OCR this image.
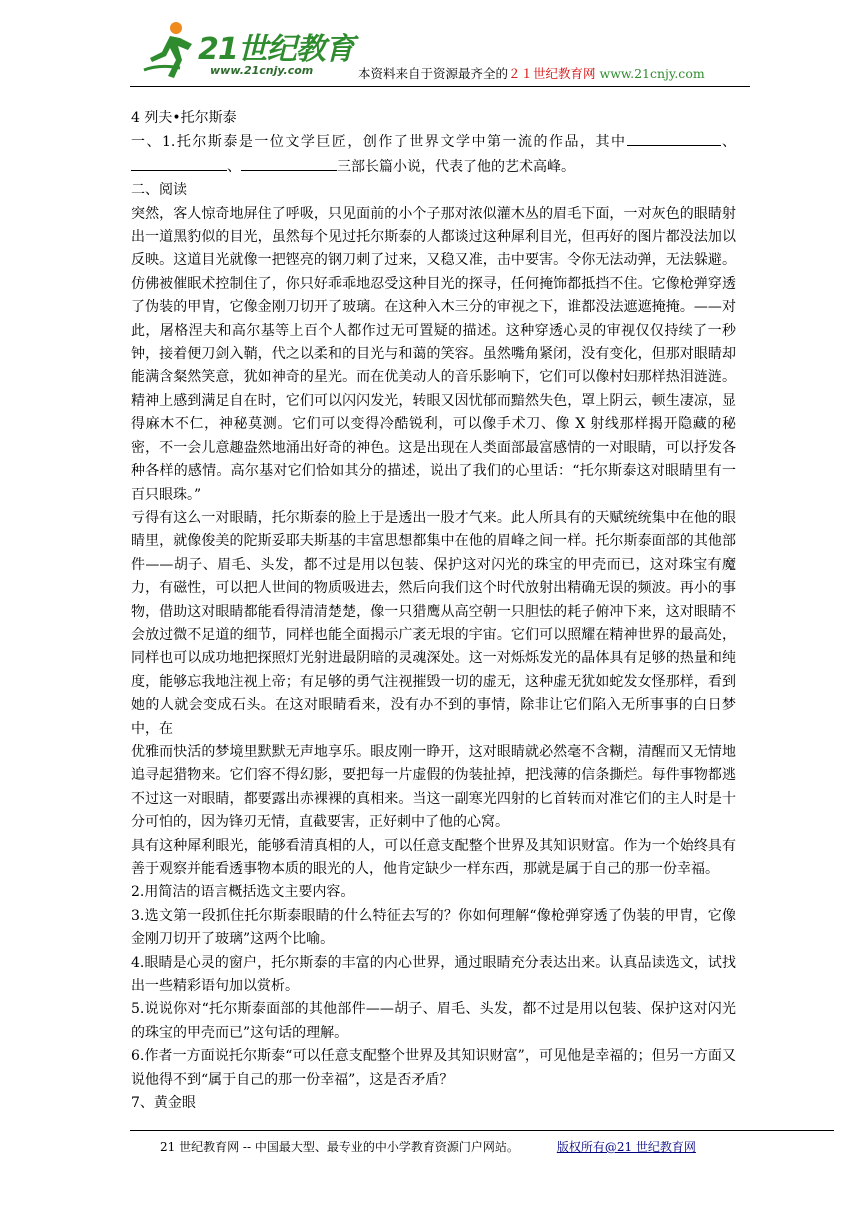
21世纪教育
www.21cnjy.com	本资料来自于资源最齐全的２１世纪教育网 www.21cnjy.com

4 列夫•托尔斯泰

一、1.托尔斯泰是一位文学巨匠，创作了世界文学中第一流的作品，其中	、、	三部长篇小说，代表了他的艺术高峰。

二、阅读

突然，客人惊奇地屏住了呼吸，只见面前的小个子那对浓似灌木丛的眉毛下面，一对灰色的眼睛射出一道黑豹似的目光，虽然每个见过托尔斯泰的人都谈过这种犀利目光，但再好的图片都没法加以反映。这道目光就像一把铿亮的钢刀刺了过来，又稳又准，击中要害。令你无法动弹，无法躲避。仿佛被催眠术控制住了，你只好乖乖地忍受这种目光的探寻，任何掩饰都抵挡不住。它像枪弹穿透了伪装的甲胄，它像金刚刀切开了玻璃。在这种入木三分的审视之下，谁都没法遮遮掩掩。——对此，屠格涅夫和高尔基等上百个人都作过无可置疑的描述。这种穿透心灵的审视仅仅持续了一秒钟，接着便刀剑入鞘，代之以柔和的目光与和蔼的笑容。虽然嘴角紧闭，没有变化，但那对眼睛却能满含粲然笑意，犹如神奇的星光。而在优美动人的音乐影响下，它们可以像村妇那样热泪涟涟。精神上感到满足自在时，它们可以闪闪发光，转眼又因忧郁而黯然失色，罩上阴云，顿生凄凉，显得麻木不仁，神秘莫测。它们可以变得冷酷锐利，可以像手术刀、像 X 射线那样揭开隐藏的秘密，不一会儿意趣盎然地涌出好奇的神色。这是出现在人类面部最富感情的一对眼睛，可以抒发各种各样的感情。高尔基对它们恰如其分的描述，说出了我们的心里话：“托尔斯泰这对眼睛里有一百只眼珠。”

亏得有这么一对眼睛，托尔斯泰的脸上于是透出一股才气来。此人所具有的天赋统统集中在他的眼睛里，就像俊美的陀斯妥耶夫斯基的丰富思想都集中在他的眉峰之间一样。托尔斯泰面部的其他部件——胡子、眉毛、头发，都不过是用以包装、保护这对闪光的珠宝的甲壳而已，这对珠宝有魔力，有磁性，可以把人世间的物质吸进去，然后向我们这个时代放射出精确无误的频波。再小的事物，借助这对眼睛都能看得清清楚楚，像一只猎鹰从高空朝一只胆怯的耗子俯冲下来，这对眼睛不会放过微不足道的细节，同样也能全面揭示广袤无垠的宇宙。它们可以照耀在精神世界的最高处，同样也可以成功地把探照灯光射进最阴暗的灵魂深处。这一对烁烁发光的晶体具有足够的热量和纯度，能够忘我地注视上帝；有足够的勇气注视摧毁一切的虚无，这种虚无犹如蛇发女怪那样，看到她的人就会变成石头。在这对眼睛看来，没有办不到的事情，除非让它们陷入无所事事的白日梦中，在

优雅而快活的梦境里默默无声地享乐。眼皮刚一睁开，这对眼睛就必然毫不含糊，清醒而又无情地追寻起猎物来。它们容不得幻影，要把每一片虚假的伪装扯掉，把浅薄的信条撕烂。每件事物都逃不过这一对眼睛，都要露出赤裸裸的真相来。当这一副寒光四射的匕首转而对准它们的主人时是十分可怕的，因为锋刃无情，直截要害，正好刺中了他的心窝。

具有这种犀利眼光，能够看清真相的人，可以任意支配整个世界及其知识财富。作为一个始终具有善于观察并能看透事物本质的眼光的人，他肯定缺少一样东西，那就是属于自己的那一份幸福。

2.用简洁的语言概括选文主要内容。

3.选文第一段抓住托尔斯泰眼睛的什么特征去写的？你如何理解“像枪弹穿透了伪装的甲胄，它像金刚刀切开了玻璃”这两个比喻。

4.眼睛是心灵的窗户，托尔斯泰的丰富的内心世界，通过眼睛充分表达出来。认真品读选文，试找出一些精彩语句加以赏析。

5.说说你对“托尔斯泰面部的其他部件——胡子、眉毛、头发，都不过是用以包装、保护这对闪光的珠宝的甲壳而已”这句话的理解。

6.作者一方面说托尔斯泰“可以任意支配整个世界及其知识财富”，可见他是幸福的；但另一方面又说他得不到“属于自己的那一份幸福”，这是否矛盾？

7、黄金眼

21 世纪教育网 -- 中国最大型、最专业的中小学教育资源门户网站。	版权所有@21 世纪教育网
